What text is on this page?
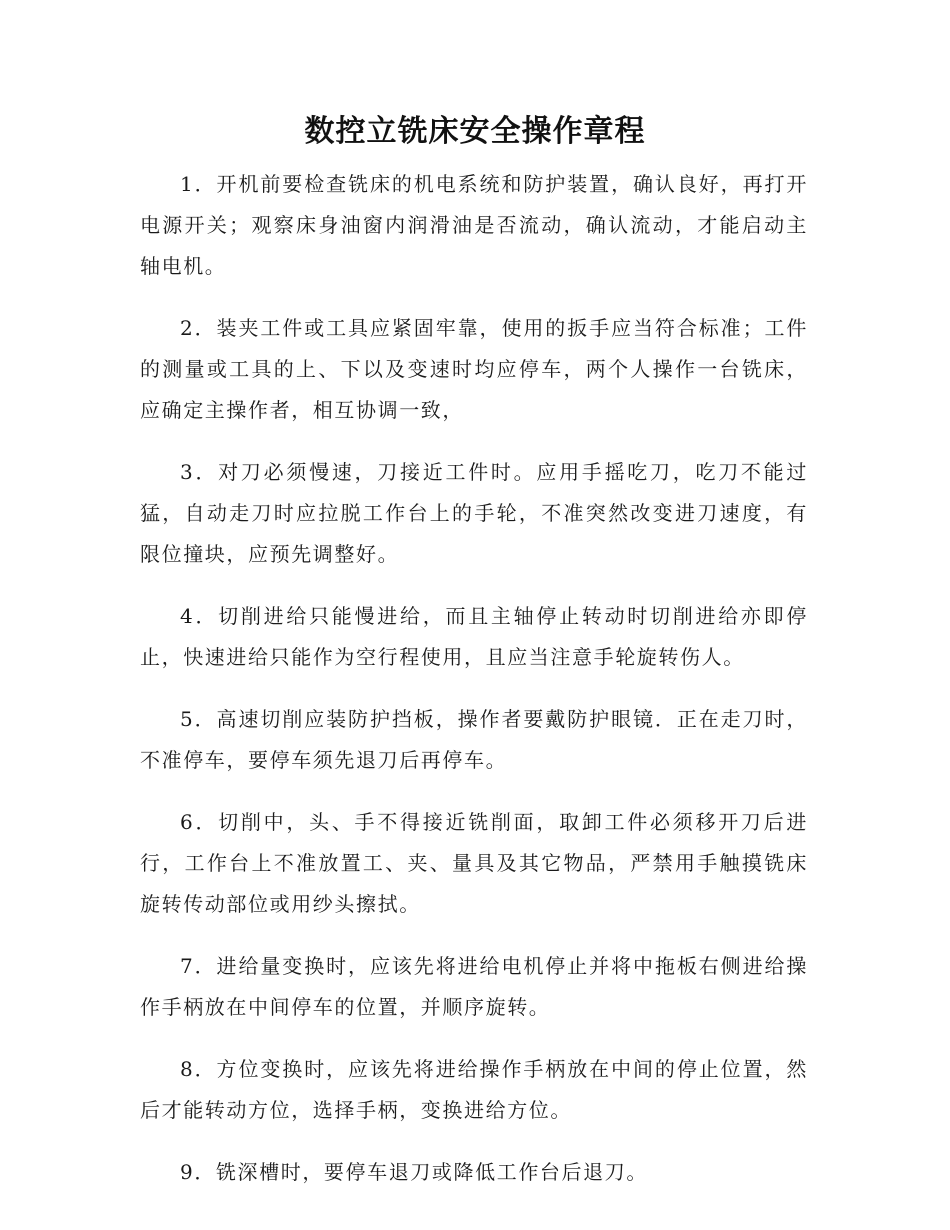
数控立铣床安全操作章程

1．开机前要检查铣床的机电系统和防护装置，确认良好，再打开电源开关；观察床身油窗内润滑油是否流动，确认流动，才能启动主轴电机。

2．装夹工件或工具应紧固牢靠，使用的扳手应当符合标准；工件的测量或工具的上、下以及变速时均应停车，两个人操作一台铣床，应确定主操作者，相互协调一致，

3．对刀必须慢速，刀接近工件时。应用手摇吃刀，吃刀不能过猛，自动走刀时应拉脱工作台上的手轮，不准突然改变进刀速度，有限位撞块，应预先调整好。

4．切削进给只能慢进给，而且主轴停止转动时切削进给亦即停止，快速进给只能作为空行程使用，且应当注意手轮旋转伤人。

5．高速切削应装防护挡板，操作者要戴防护眼镜．正在走刀时，不准停车，要停车须先退刀后再停车。

6．切削中，头、手不得接近铣削面，取卸工件必须移开刀后进行，工作台上不准放置工、夹、量具及其它物品，严禁用手触摸铣床旋转传动部位或用纱头擦拭。

7．进给量变换时，应该先将进给电机停止并将中拖板右侧进给操作手柄放在中间停车的位置，并顺序旋转。

8．方位变换时，应该先将进给操作手柄放在中间的停止位置，然后才能转动方位，选择手柄，变换进给方位。

9．铣深槽时，要停车退刀或降低工作台后退刀。
